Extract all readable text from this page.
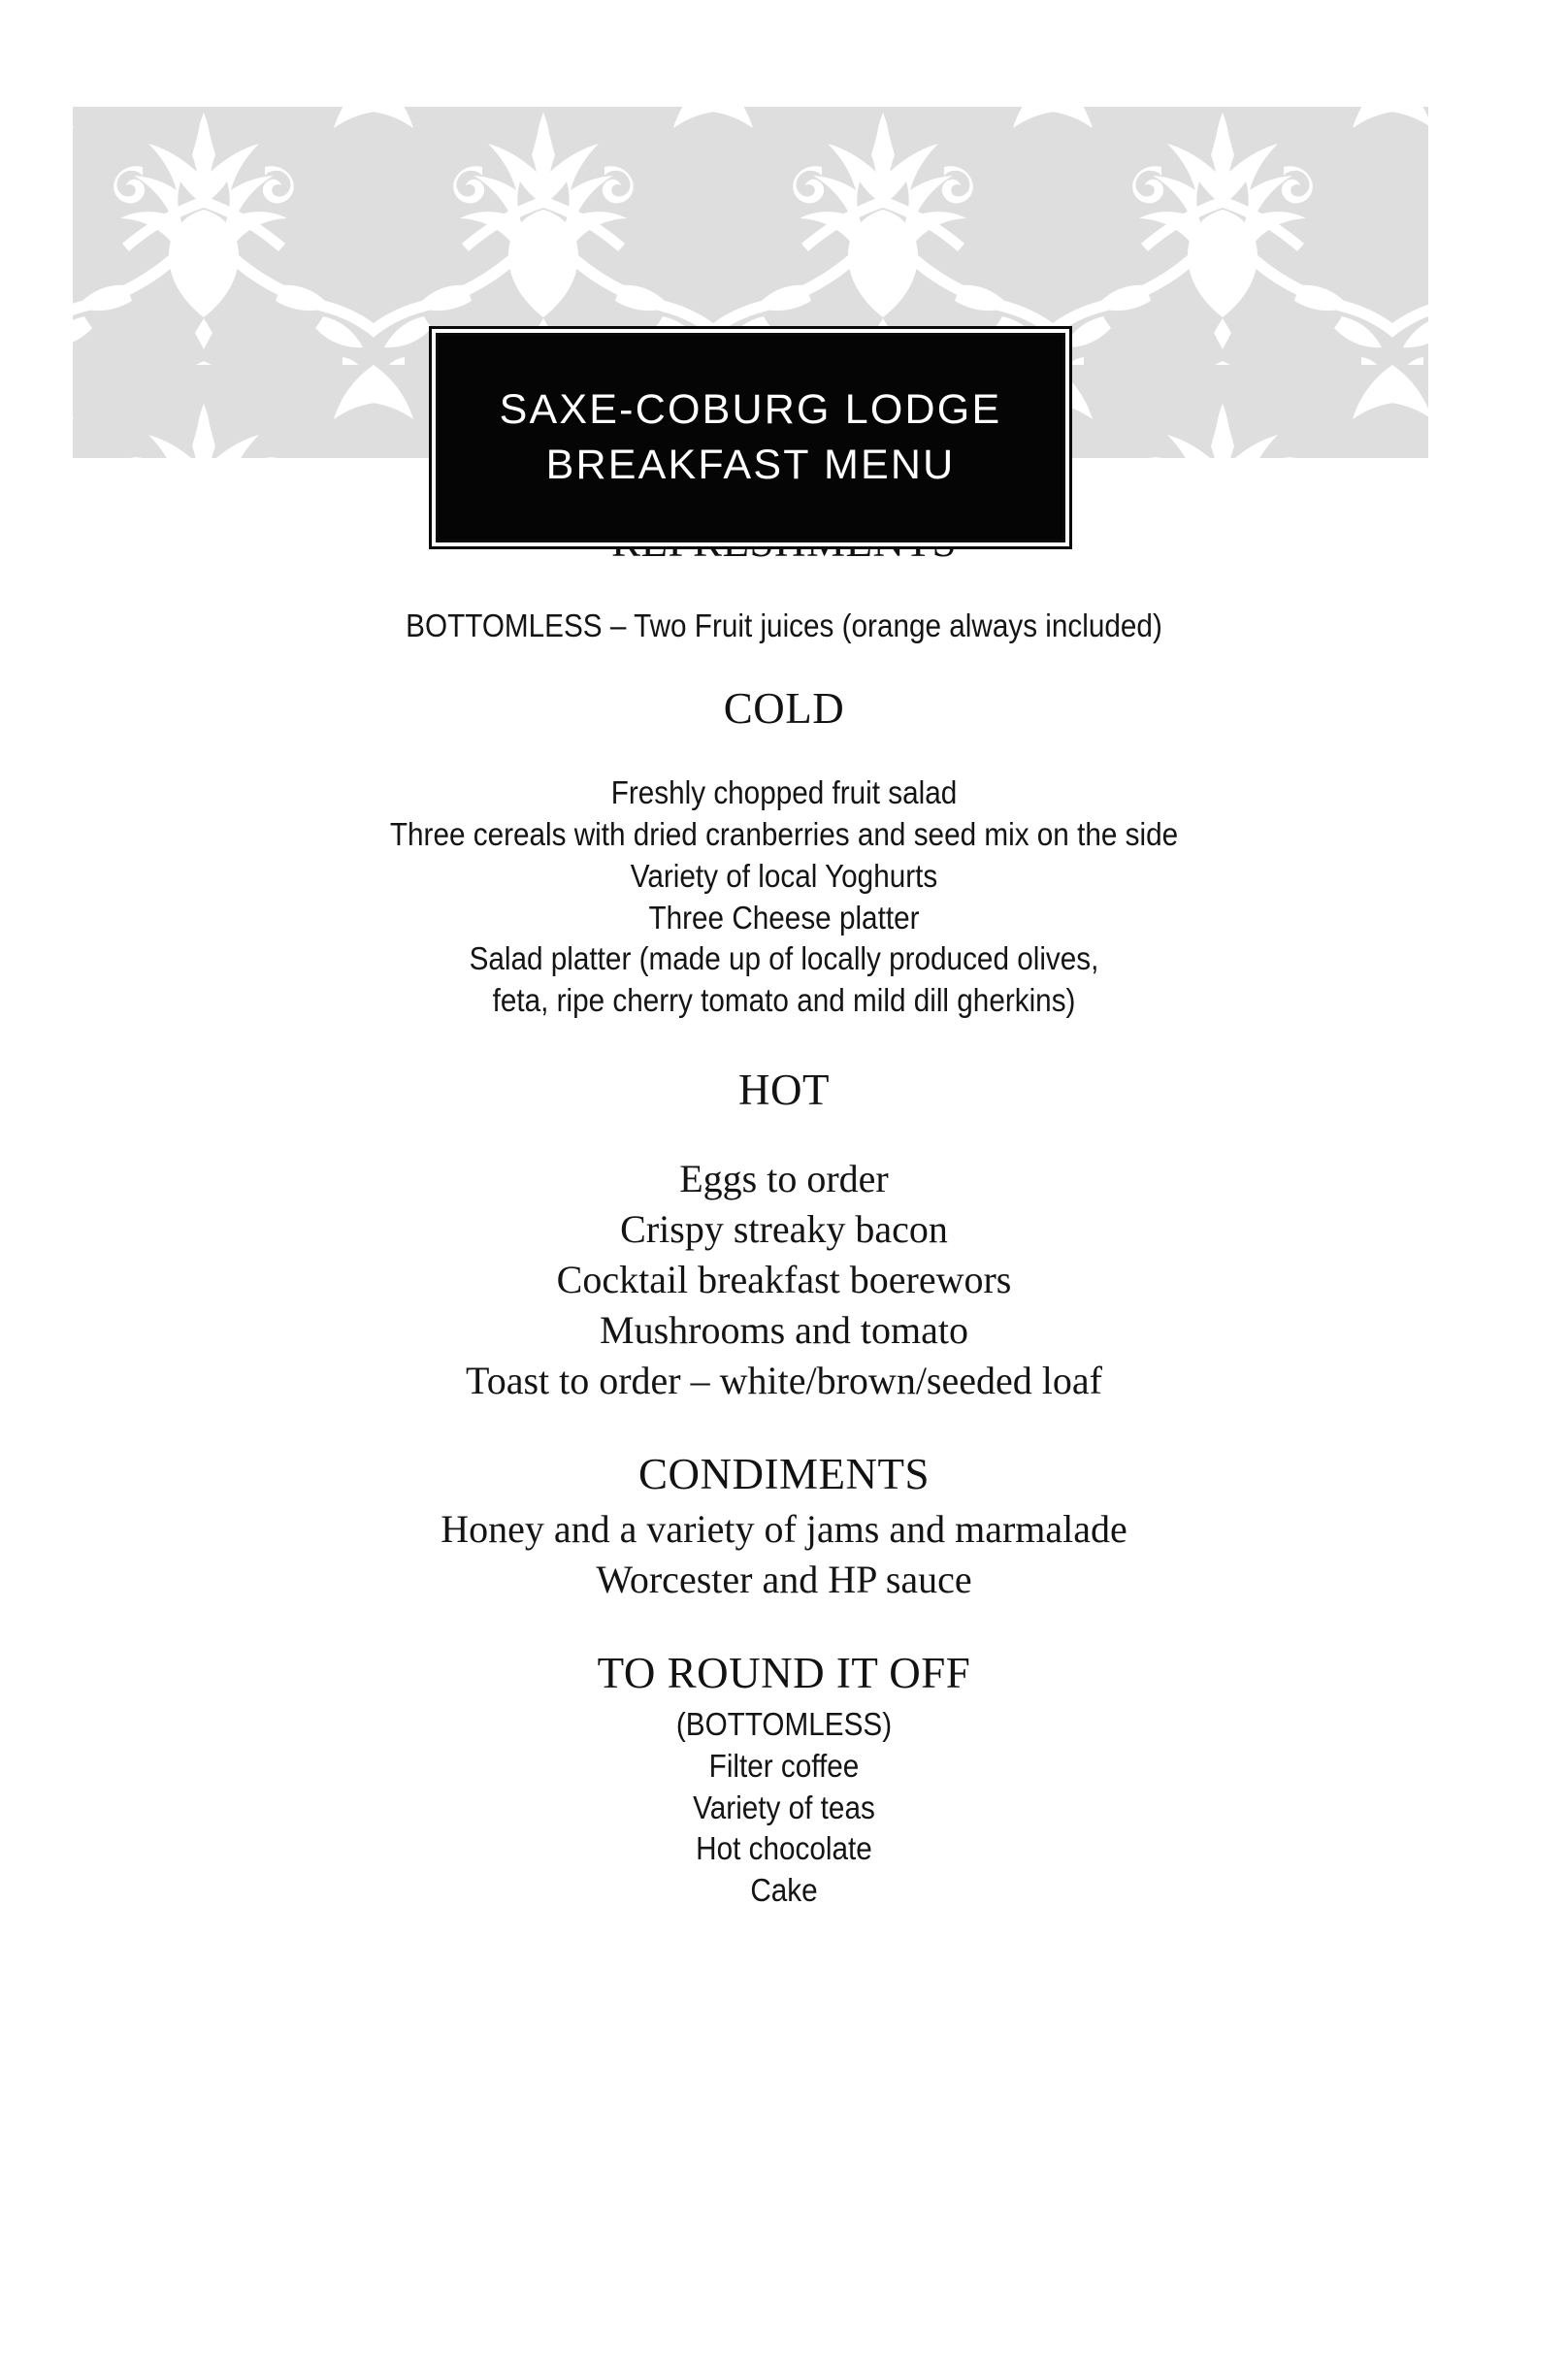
SAXE-COBURG LODGE
BREAKFAST MENU
BOTTOMLESS – Two Fruit juices (orange always included)
COLD
Freshly chopped fruit salad
Three cereals with dried cranberries and seed mix on the side
Variety of local Yoghurts
Three Cheese platter
Salad platter (made up of locally produced olives,
feta, ripe cherry tomato and mild dill gherkins)
HOT
Eggs to order
Crispy streaky bacon
Cocktail breakfast boerewors
Mushrooms and tomato
Toast to order – white/brown/seeded loaf
CONDIMENTS
Honey and a variety of jams and marmalade
Worcester and HP sauce
TO ROUND IT OFF
(BOTTOMLESS)
Filter coffee
Variety of teas
Hot chocolate
Cake
